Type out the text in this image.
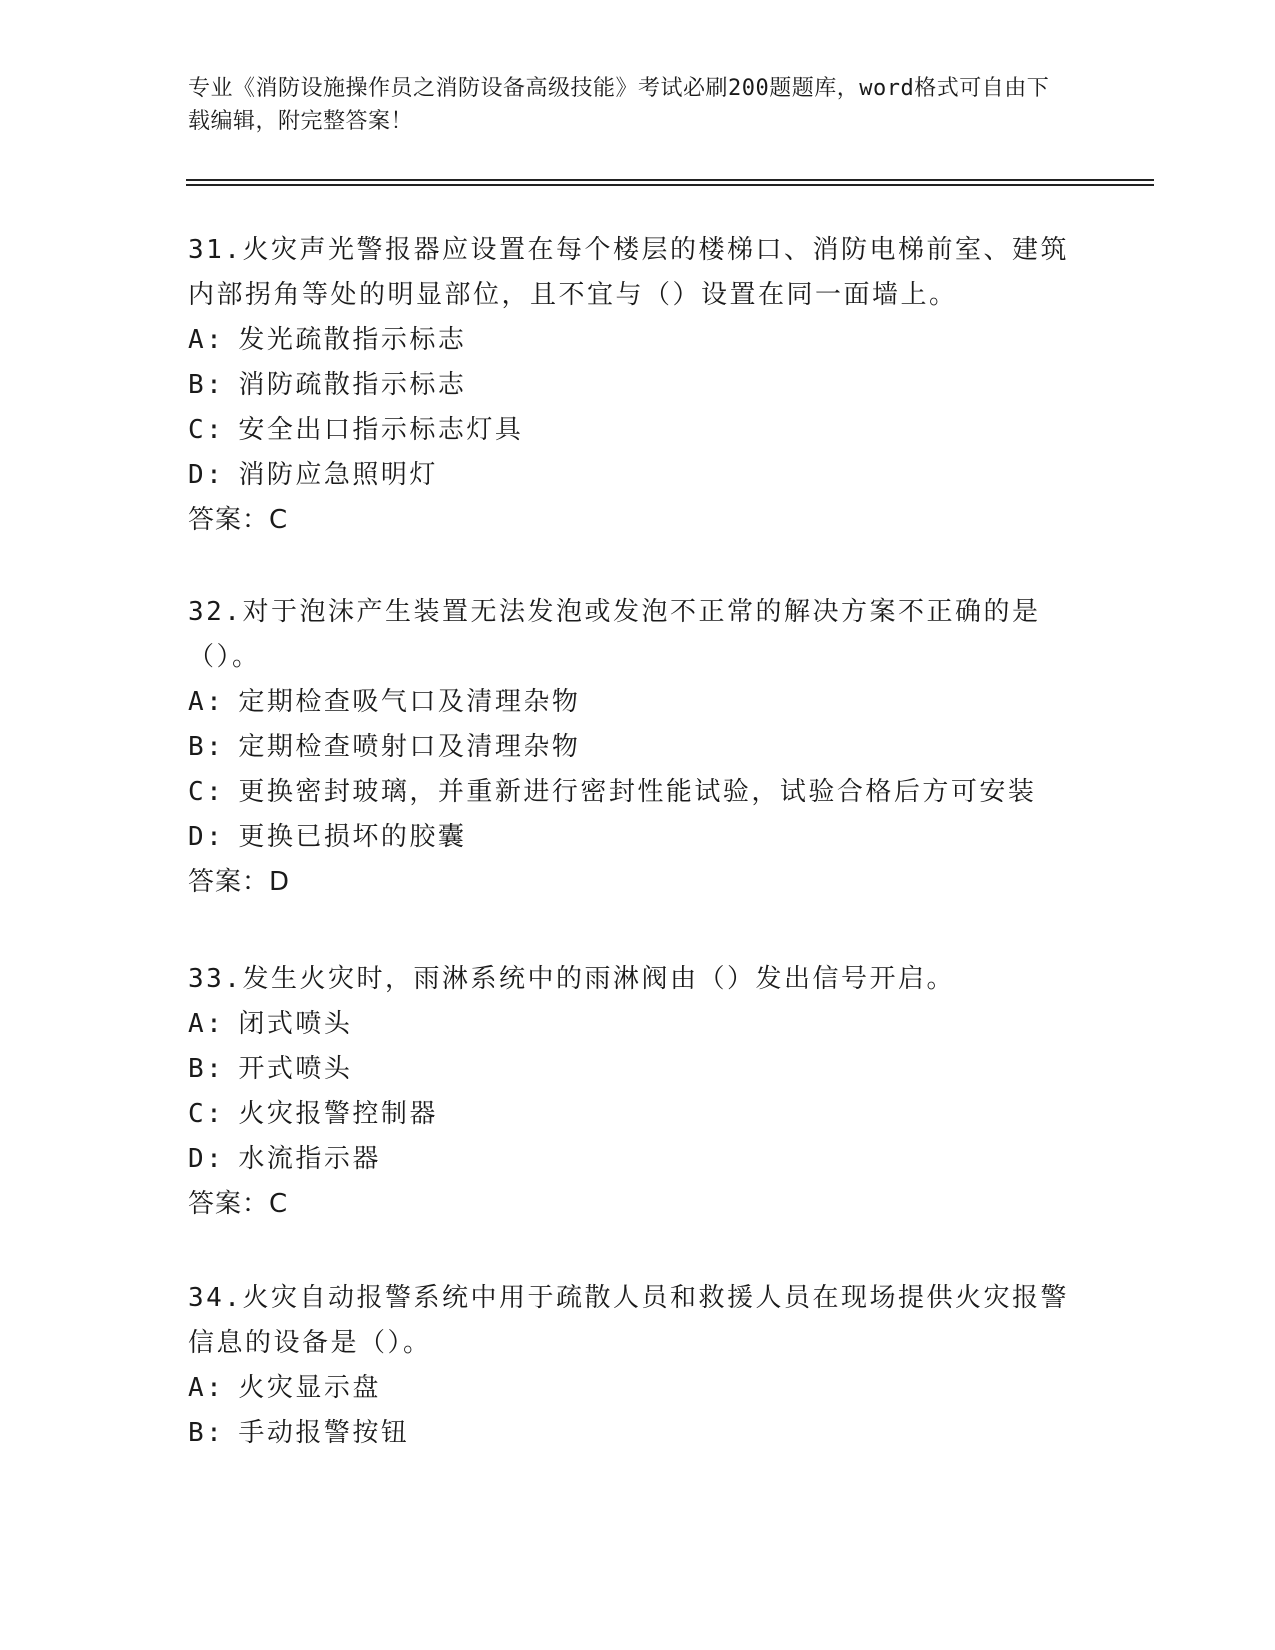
专业《消防设施操作员之消防设备高级技能》考试必刷200题题库，word格式可自由下载编辑，附完整答案！

31.火灾声光警报器应设置在每个楼层的楼梯口、消防电梯前室、建筑内部拐角等处的明显部位，且不宜与（）设置在同一面墙上。

A: 发光疏散指示标志

B: 消防疏散指示标志

C: 安全出口指示标志灯具

D: 消防应急照明灯

答案：C

32.对于泡沫产生装置无法发泡或发泡不正常的解决方案不正确的是（）。

A: 定期检查吸气口及清理杂物

B: 定期检查喷射口及清理杂物

C: 更换密封玻璃，并重新进行密封性能试验，试验合格后方可安装

D: 更换已损坏的胶囊

答案：D

33.发生火灾时，雨淋系统中的雨淋阀由（）发出信号开启。

A: 闭式喷头

B: 开式喷头

C: 火灾报警控制器

D: 水流指示器

答案：C

34.火灾自动报警系统中用于疏散人员和救援人员在现场提供火灾报警信息的设备是（）。

A: 火灾显示盘

B: 手动报警按钮
